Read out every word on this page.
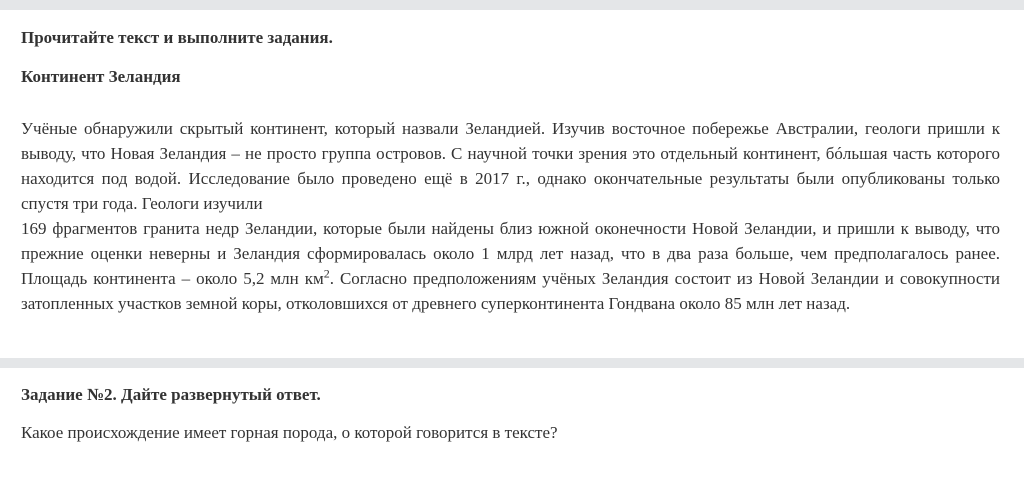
Прочитайте текст и выполните задания.

Континент Зеландия

Учёные обнаружили скрытый континент, который назвали Зеландией. Изучив восточное побережье Австралии, геологи пришли к выводу, что Новая Зеландия – не просто группа островов. С научной точки зрения это отдельный континент, бóльшая часть которого находится под водой. Исследование было проведено ещё в 2017 г., однако окончательные результаты были опубликованы только спустя три года. Геологи изучили

169 фрагментов гранита недр Зеландии, которые были найдены близ южной оконечности Новой Зеландии, и пришли к выводу, что прежние оценки неверны и Зеландия сформировалась около 1 млрд лет назад, что в два раза больше, чем предполагалось ранее. Площадь континента – около 5,2 млн $км^2$. Согласно предположениям учёных Зеландия состоит из Новой Зеландии и совокупности затопленных участков земной коры, отколовшихся от древнего суперконтинента Гондвана около 85 млн лет назад.

Задание №2. Дайте развернутый ответ.

Какое происхождение имеет горная порода, о которой говорится в тексте?
